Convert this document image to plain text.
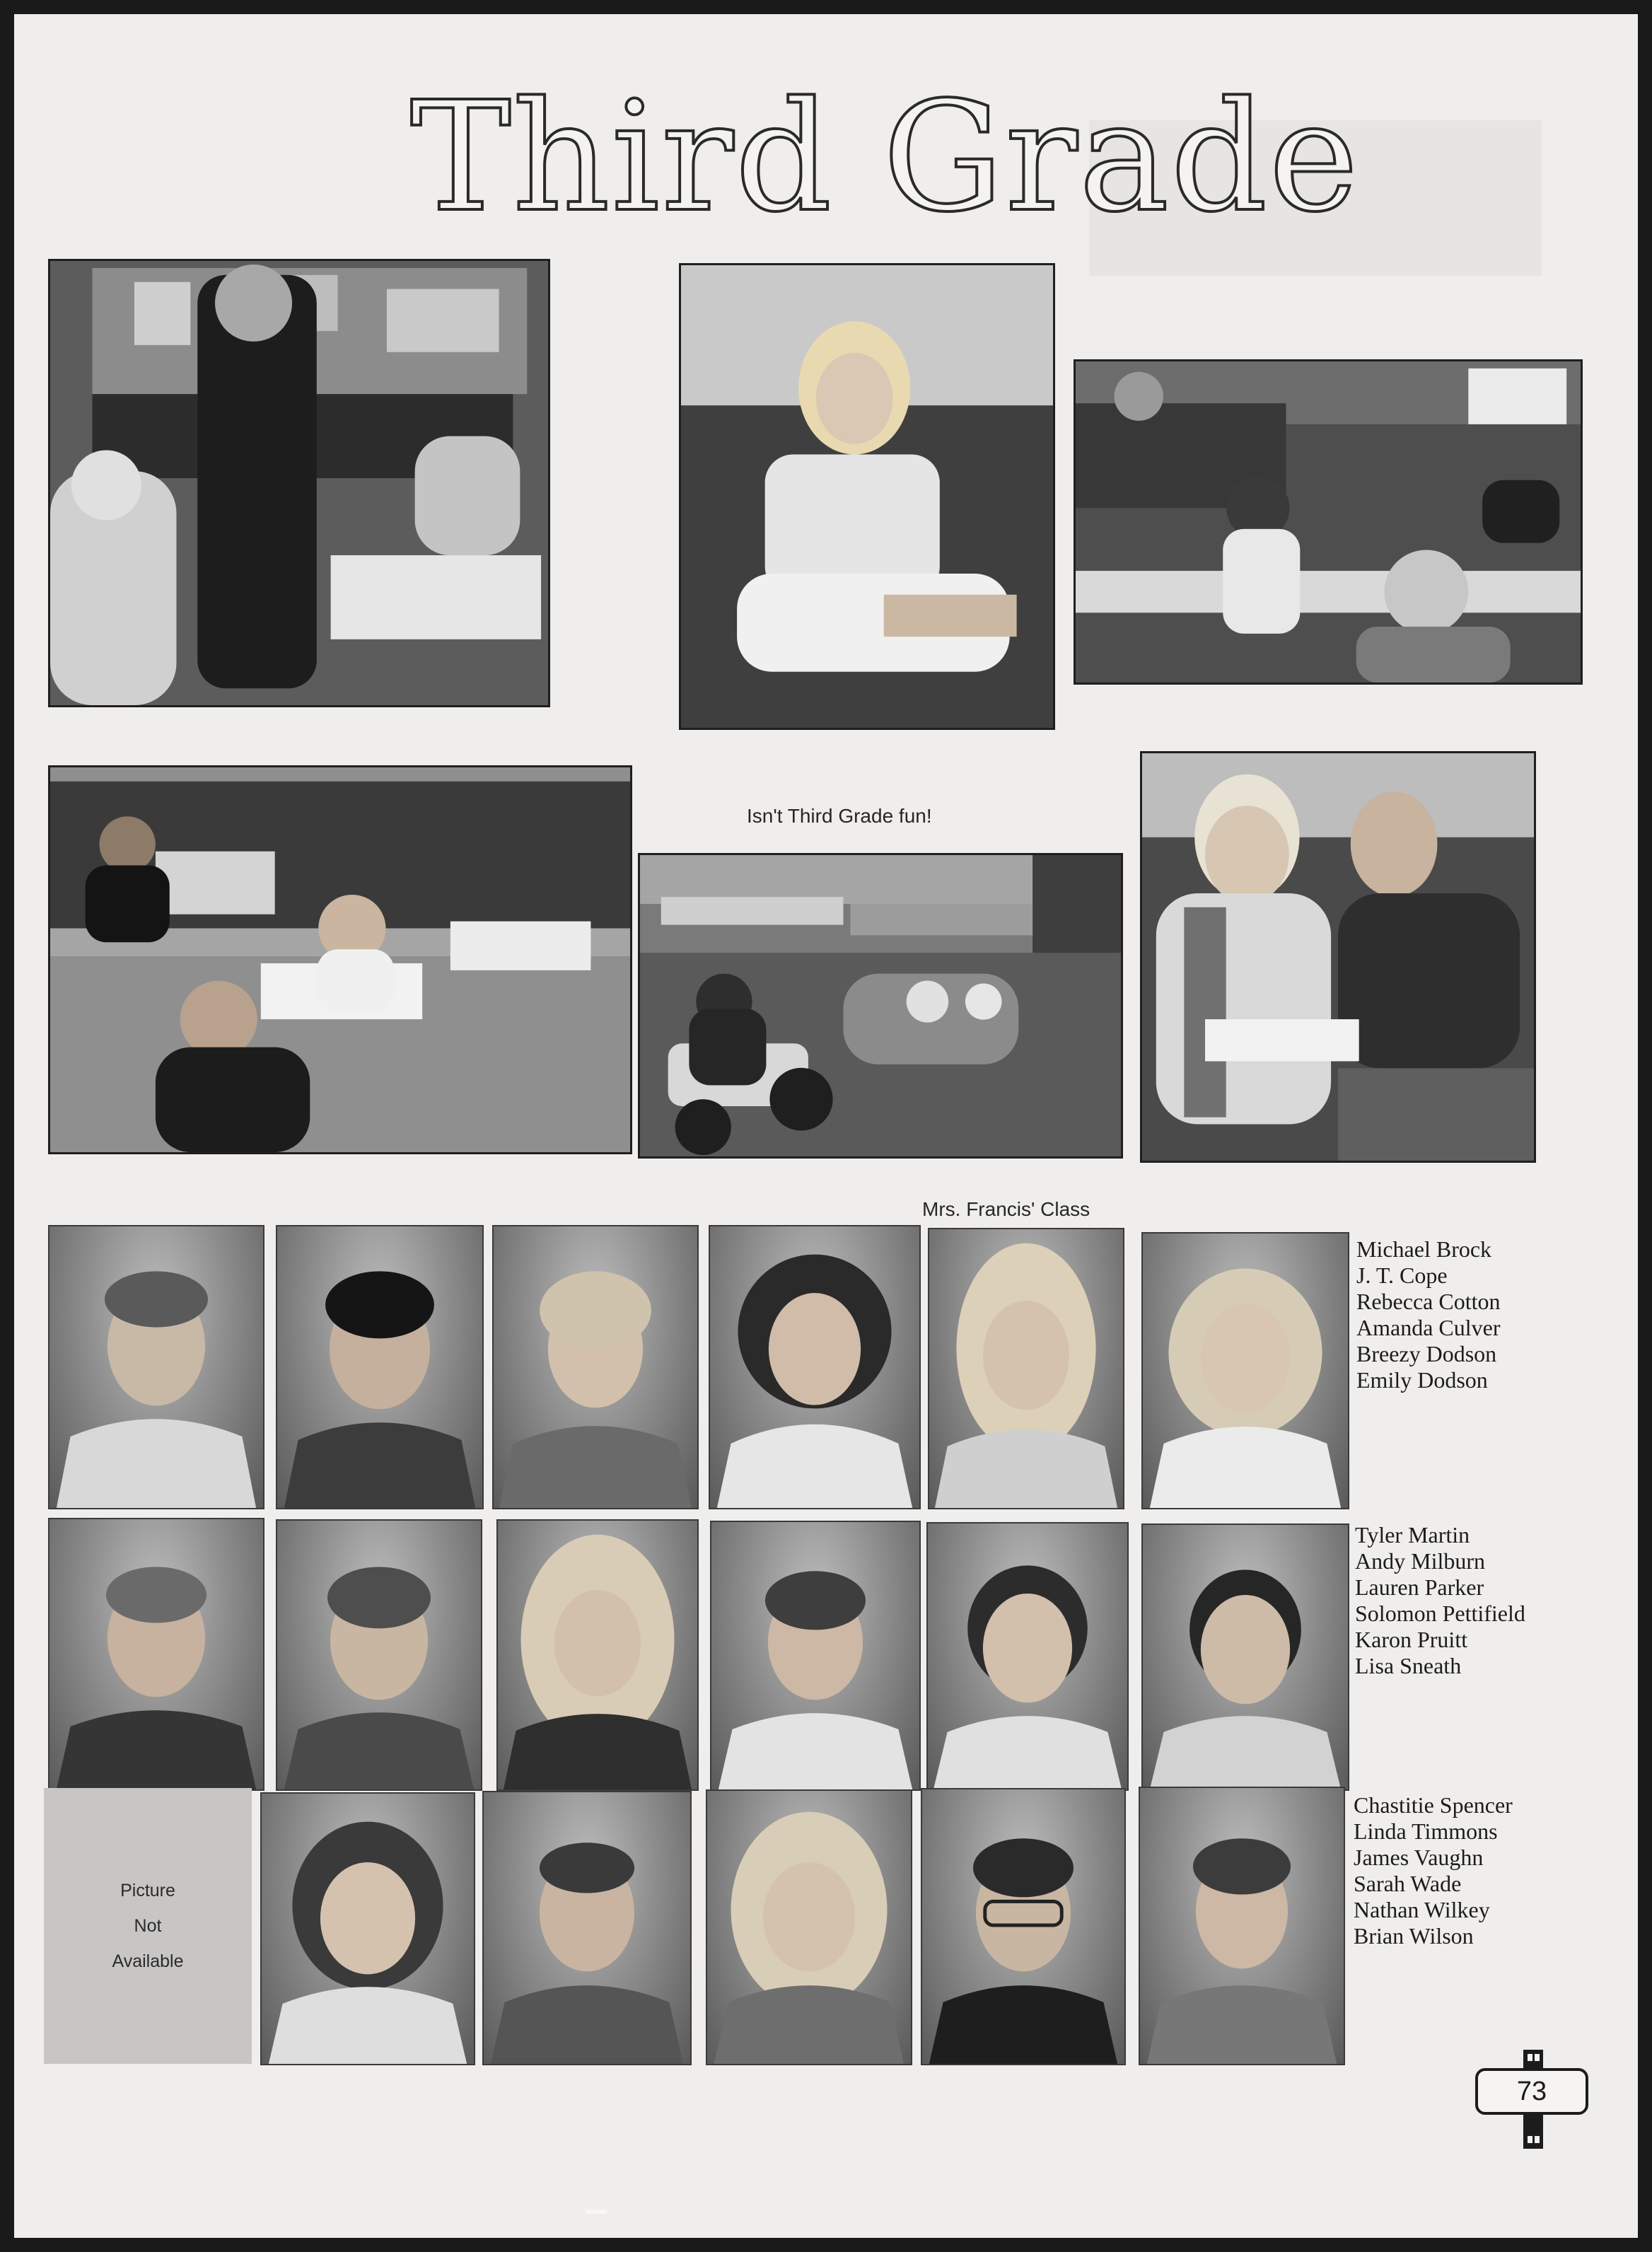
Third Grade
Isn't Third Grade fun!
Mrs. Francis' Class
Picture
Not
Available
Michael Brock
J. T. Cope
Rebecca Cotton
Amanda Culver
Breezy Dodson
Emily Dodson
Tyler Martin
Andy Milburn
Lauren Parker
Solomon Pettifield
Karon Pruitt
Lisa Sneath
Chastitie Spencer
Linda Timmons
James Vaughn
Sarah Wade
Nathan Wilkey
Brian Wilson
73
